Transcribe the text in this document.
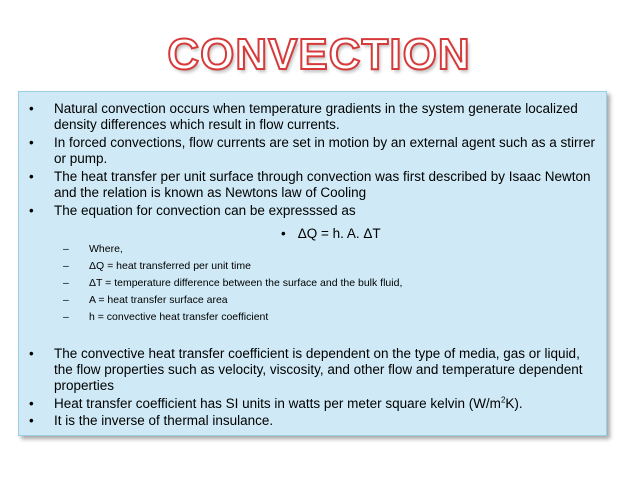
CONVECTION
• Natural convection occurs when temperature gradients in the system generate localized density differences which result in flow currents.
• In forced convections, flow currents are set in motion by an external agent such as a stirrer or pump.
• The heat transfer per unit surface through convection was first described by Isaac Newton and the relation is known as Newtons law of Cooling
• The equation for convection can be expresssed as
• ΔQ = h. A. ΔT
– Where,
– ΔQ = heat transferred per unit time
– ΔT = temperature difference between the surface and the bulk fluid,
– A = heat transfer surface area
– h = convective heat transfer coefficient
• The convective heat transfer coefficient is dependent on the type of media, gas or liquid, the flow properties such as velocity, viscosity, and other flow and temperature dependent properties
• Heat transfer coefficient has SI units in watts per meter square kelvin $(W/m^2K)$.
• It is the inverse of thermal insulance.
